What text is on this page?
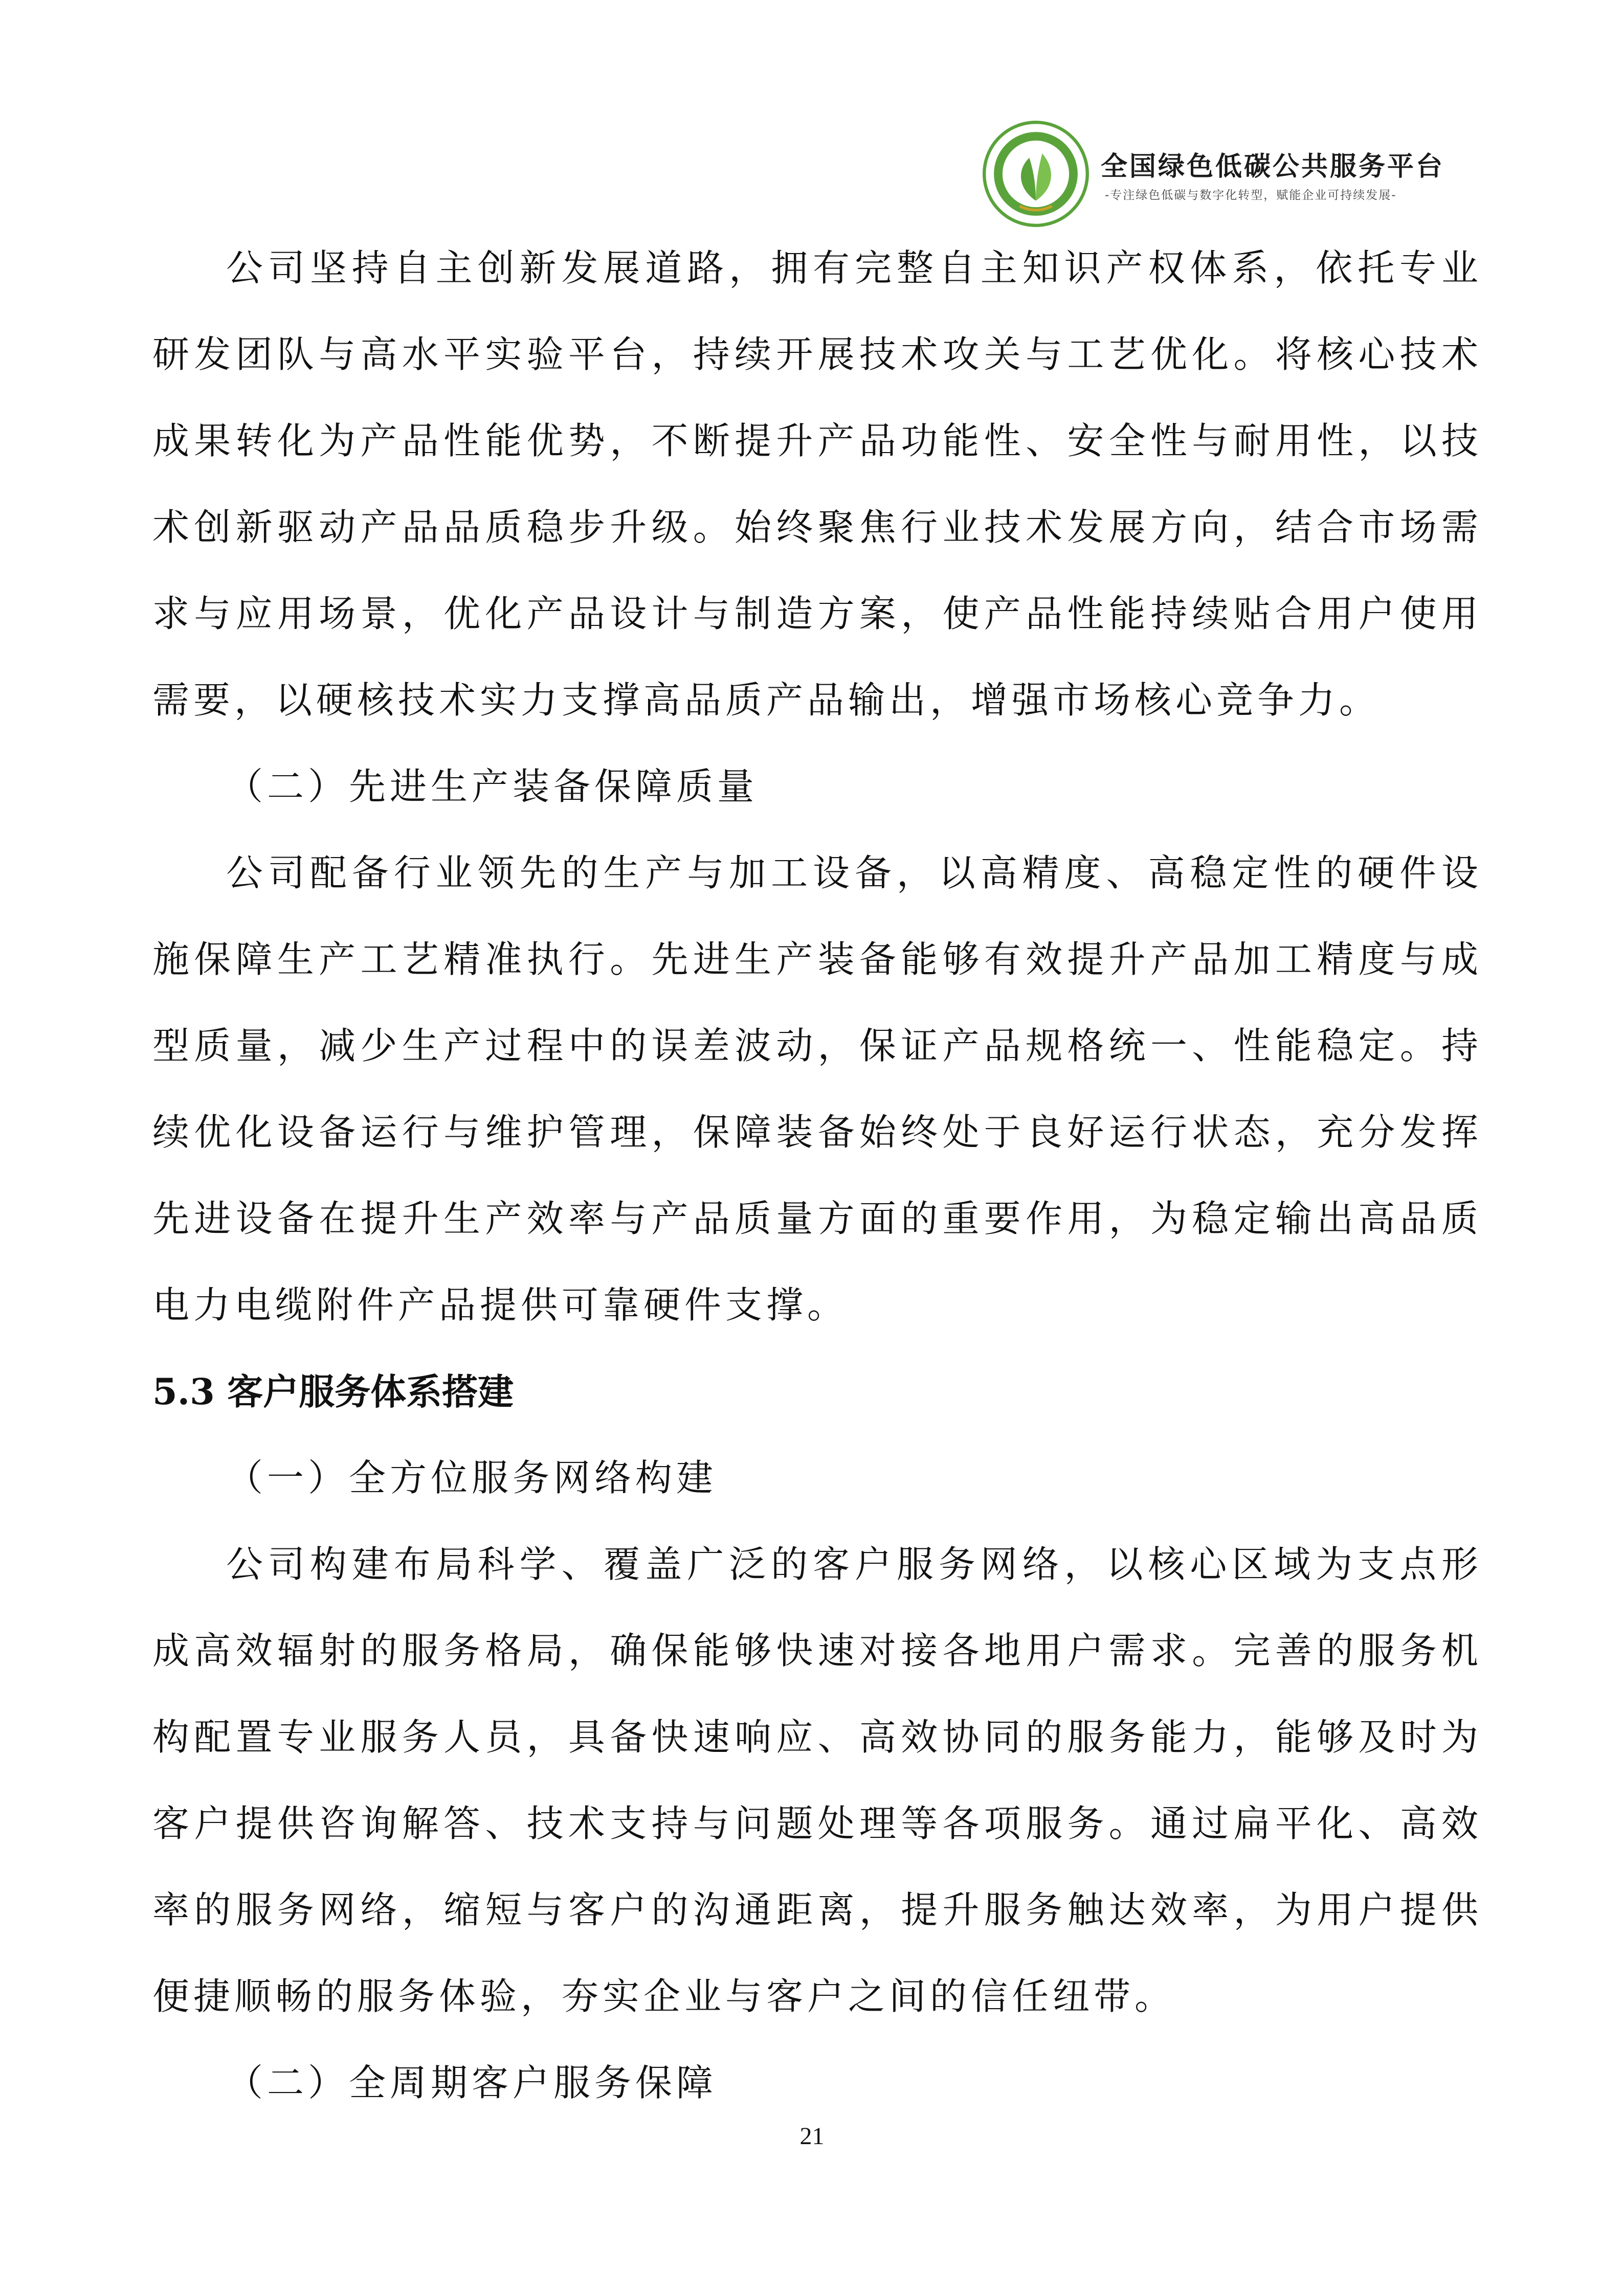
全国绿色低碳公共服务平台
-专注绿色低碳与数字化转型，赋能企业可持续发展-

公司坚持自主创新发展道路，拥有完整自主知识产权体系，依托专业研发团队与高水平实验平台，持续开展技术攻关与工艺优化。将核心技术成果转化为产品性能优势，不断提升产品功能性、安全性与耐用性，以技术创新驱动产品品质稳步升级。始终聚焦行业技术发展方向，结合市场需求与应用场景，优化产品设计与制造方案，使产品性能持续贴合用户使用需要，以硬核技术实力支撑高品质产品输出，增强市场核心竞争力。

（二）先进生产装备保障质量

公司配备行业领先的生产与加工设备，以高精度、高稳定性的硬件设施保障生产工艺精准执行。先进生产装备能够有效提升产品加工精度与成型质量，减少生产过程中的误差波动，保证产品规格统一、性能稳定。持续优化设备运行与维护管理，保障装备始终处于良好运行状态，充分发挥先进设备在提升生产效率与产品质量方面的重要作用，为稳定输出高品质电力电缆附件产品提供可靠硬件支撑。

5.3 客户服务体系搭建

（一）全方位服务网络构建

公司构建布局科学、覆盖广泛的客户服务网络，以核心区域为支点形成高效辐射的服务格局，确保能够快速对接各地用户需求。完善的服务机构配置专业服务人员，具备快速响应、高效协同的服务能力，能够及时为客户提供咨询解答、技术支持与问题处理等各项服务。通过扁平化、高效率的服务网络，缩短与客户的沟通距离，提升服务触达效率，为用户提供便捷顺畅的服务体验，夯实企业与客户之间的信任纽带。

（二）全周期客户服务保障

21
